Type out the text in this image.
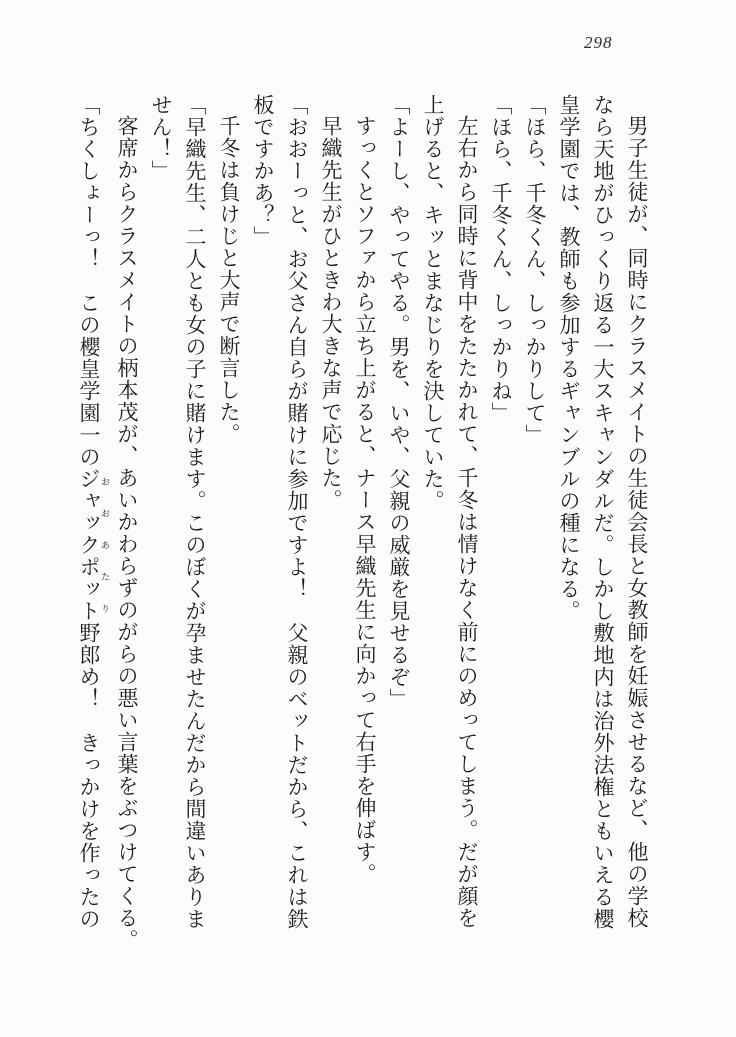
298
男子生徒が、同時にクラスメイトの生徒会長と女教師を妊娠させるなど、他の学校
なら天地がひっくり返る一大スキャンダルだ。しかし敷地内は治外法権ともいえる櫻
皇学園では、教師も参加するギャンブルの種になる。
「ほら、千冬くん、しっかりして」
「ほら、千冬くん、しっかりね」
左右から同時に背中をたたかれて、千冬は情けなく前にのめってしまう。だが顔を
上げると、キッとまなじりを決していた。
「よーし、やってやる。男を、いや、父親の威厳を見せるぞ」
すっくとソファから立ち上がると、ナース早織先生に向かって右手を伸ばす。
早織先生がひときわ大きな声で応じた。
「おおーっと、お父さん自らが賭けに参加ですよ！　父親のベットだから、これは鉄
板ですかあ？」
千冬は負けじと大声で断言した。
「早織先生、二人とも女の子に賭けます。このぼくが孕ませたんだから間違いありま
せん！」
客席からクラスメイトの柄本茂が、あいかわらずのがらの悪い言葉をぶつけてくる。
「ちくしょーっ！　この櫻皇学園一のジャックポット おおあたり野郎め！　きっかけを作ったの
